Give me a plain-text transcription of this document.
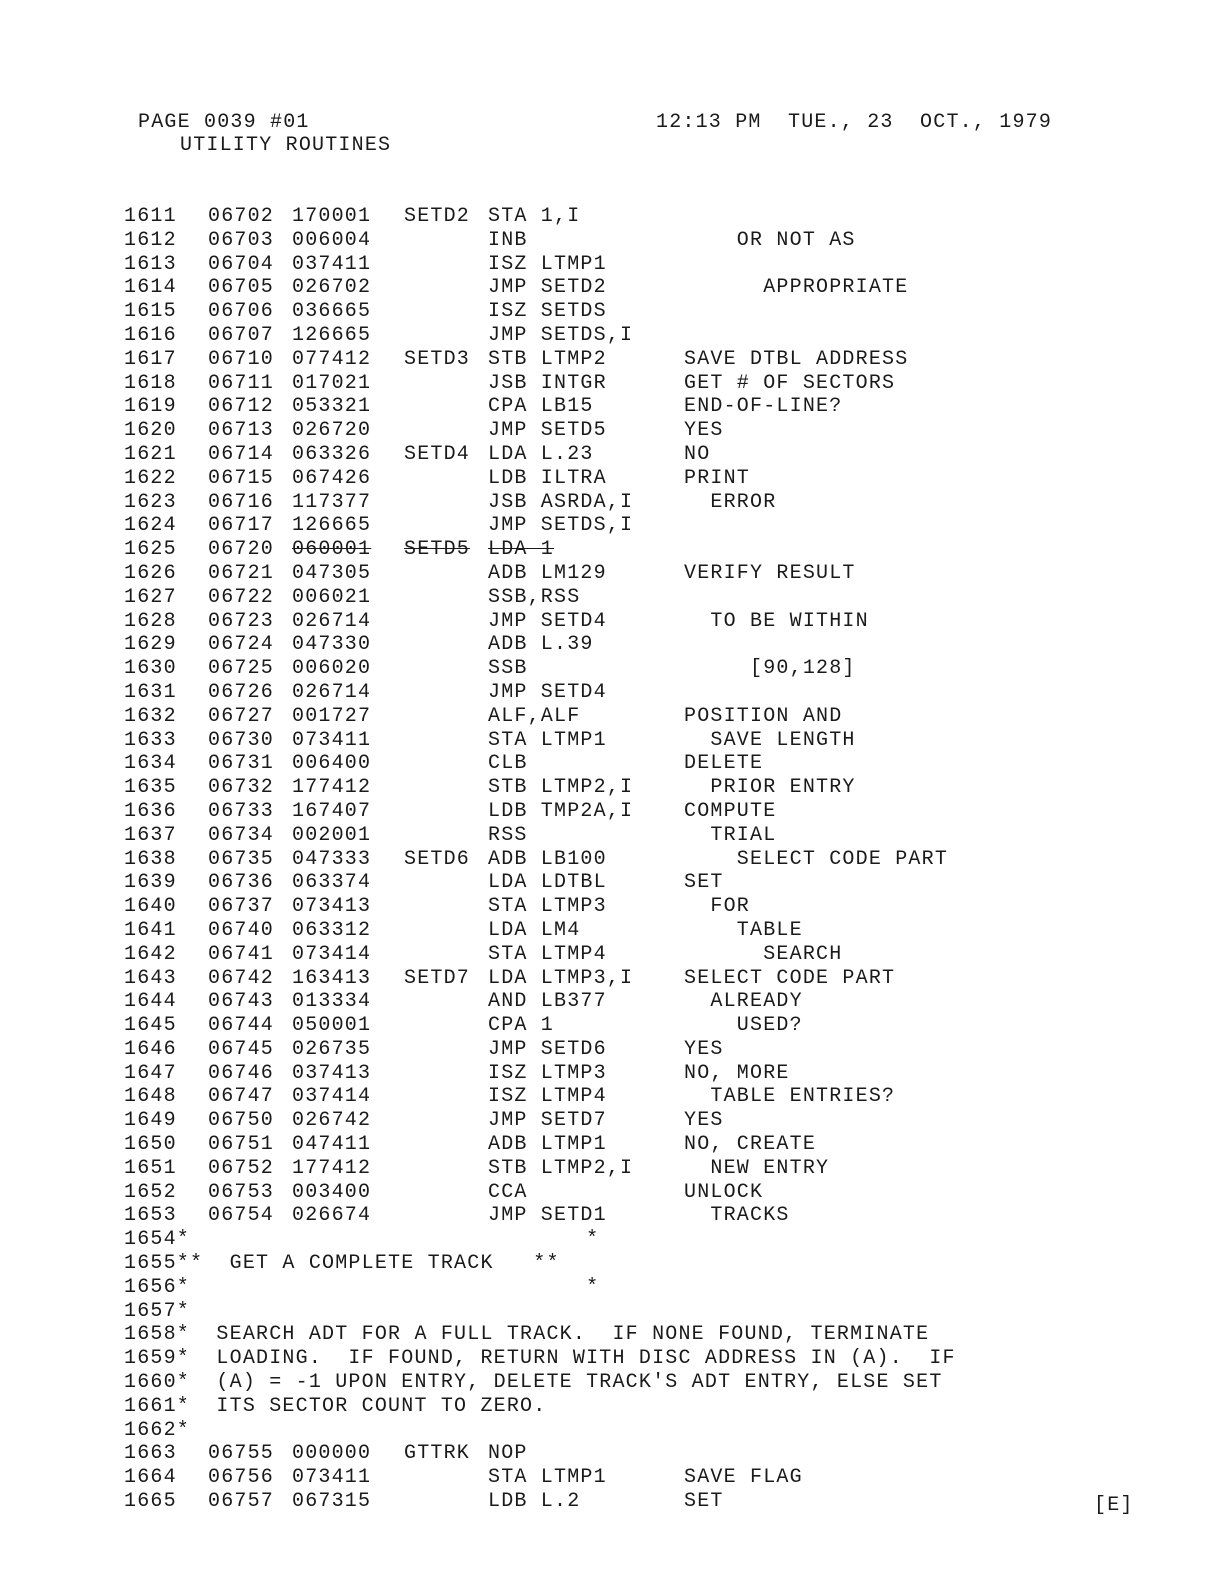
PAGE 0039 #01	12:13 PM  TUE., 23  OCT., 1979
UTILITY ROUTINES
1611 06702 170001 SETD2 STA 1,I
1612 06703 006004	INB	OR NOT AS
1613 06704 037411	ISZ LTMP1
1614 06705 026702	JMP SETD2	APPROPRIATE
1615 06706 036665	ISZ SETDS
1616 06707 126665	JMP SETDS,I
1617 06710 077412 SETD3 STB LTMP2	SAVE DTBL ADDRESS
1618 06711 017021	JSB INTGR	GET # OF SECTORS
1619 06712 053321	CPA LB15	END-OF-LINE?
1620 06713 026720	JMP SETD5	YES
1621 06714 063326 SETD4 LDA L.23	NO
1622 06715 067426	LDB ILTRA	PRINT
1623 06716 117377	JSB ASRDA,I	ERROR
1624 06717 126665	JMP SETDS,I
1625 06720 060001 SETD5 LDA 1
1626 06721 047305	ADB LM129	VERIFY RESULT
1627 06722 006021	SSB,RSS
1628 06723 026714	JMP SETD4	TO BE WITHIN
1629 06724 047330	ADB L.39
1630 06725 006020	SSB	[90,128]
1631 06726 026714	JMP SETD4
1632 06727 001727	ALF,ALF	POSITION AND
1633 06730 073411	STA LTMP1	SAVE LENGTH
1634 06731 006400	CLB	DELETE
1635 06732 177412	STB LTMP2,I	PRIOR ENTRY
1636 06733 167407	LDB TMP2A,I	COMPUTE
1637 06734 002001	RSS	TRIAL
1638 06735 047333 SETD6 ADB LB100	SELECT CODE PART
1639 06736 063374	LDA LDTBL	SET
1640 06737 073413	STA LTMP3	FOR
1641 06740 063312	LDA LM4	TABLE
1642 06741 073414	STA LTMP4	SEARCH
1643 06742 163413 SETD7 LDA LTMP3,I	SELECT CODE PART
1644 06743 013334	AND LB377	ALREADY
1645 06744 050001	CPA 1	USED?
1646 06745 026735	JMP SETD6	YES
1647 06746 037413	ISZ LTMP3	NO, MORE
1648 06747 037414	ISZ LTMP4	TABLE ENTRIES?
1649 06750 026742	JMP SETD7	YES
1650 06751 047411	ADB LTMP1	NO, CREATE
1651 06752 177412	STB LTMP2,I	NEW ENTRY
1652 06753 003400	CCA	UNLOCK
1653 06754 026674	JMP SETD1	TRACKS
1654*                              *
1655**  GET A COMPLETE TRACK   **
1656*                              *
1657*
1658*  SEARCH ADT FOR A FULL TRACK.  IF NONE FOUND, TERMINATE
1659*  LOADING.  IF FOUND, RETURN WITH DISC ADDRESS IN (A).  IF
1660*  (A) = -1 UPON ENTRY, DELETE TRACK'S ADT ENTRY, ELSE SET
1661*  ITS SECTOR COUNT TO ZERO.
1662*
1663 06755 000000 GTTRK NOP
1664 06756 073411	STA LTMP1	SAVE FLAG
1665 06757 067315	LDB L.2	SET	[E]
